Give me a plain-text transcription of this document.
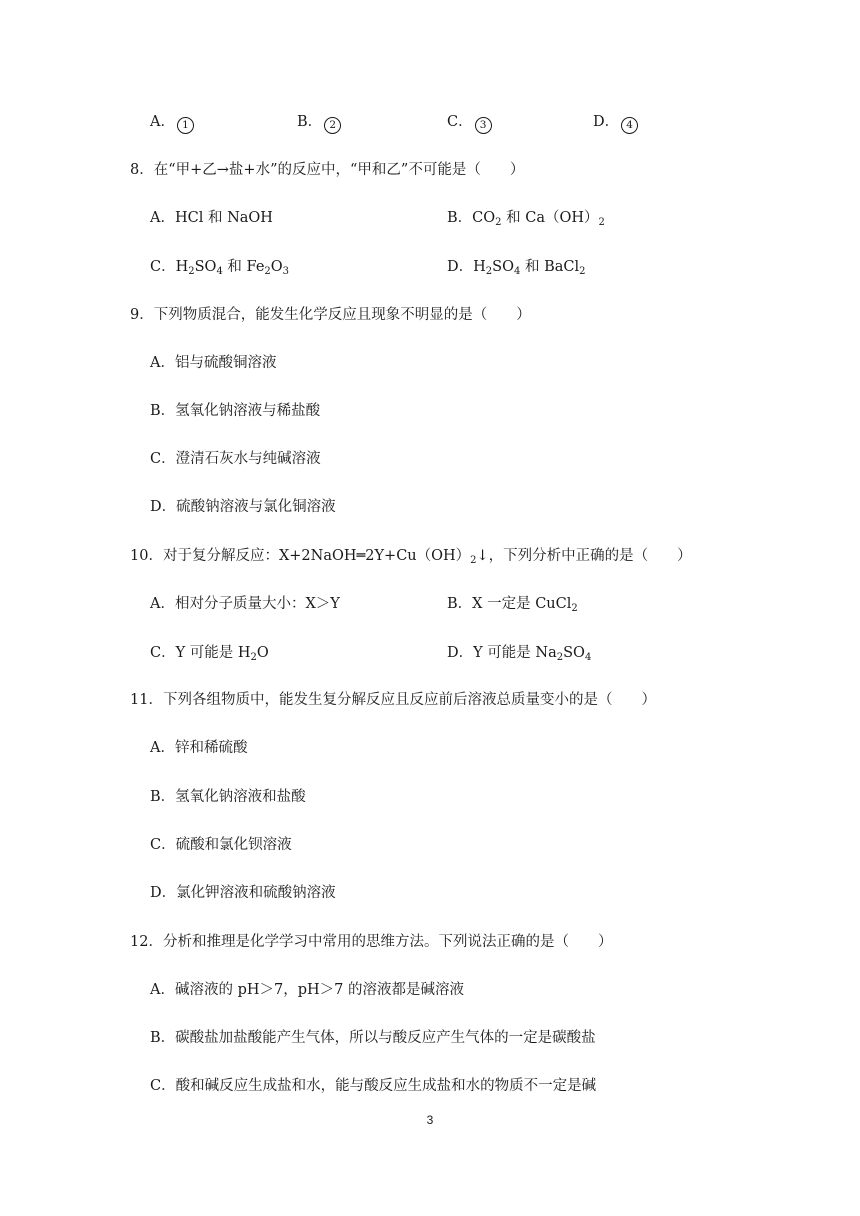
A． 1	B． 2	C． 3	D． 4
8．在“甲+乙→盐+水”的反应中，“甲和乙”不可能是（　　）
A．HCl 和 NaOH	B．$CO_2$ 和 $Ca(OH)_2$
C．$H_2SO_4$ 和 $Fe_2O_3$	D．$H_2SO_4$ 和 BaCl$_2$
9．下列物质混合，能发生化学反应且现象不明显的是（　　）
A．铝与硫酸铜溶液
B．氢氧化钠溶液与稀盐酸
C．澄清石灰水与纯碱溶液
D．硫酸钠溶液与氯化铜溶液
10．对于复分解反应：$X+2NaOH═2Y+Cu(OH)_2↓$，下列分析中正确的是（　　）
A．相对分子质量大小：X＞Y	B．X 一定是 CuCl$_2$
C．Y 可能是 $H_2O$	D．Y 可能是 $Na_2SO_4$
11．下列各组物质中，能发生复分解反应且反应前后溶液总质量变小的是（　　）
A．锌和稀硫酸
B．氢氧化钠溶液和盐酸
C．硫酸和氯化钡溶液
D．氯化钾溶液和硫酸钠溶液
12．分析和推理是化学学习中常用的思维方法。下列说法正确的是（　　）
A．碱溶液的 pH＞7，pH＞7 的溶液都是碱溶液
B．碳酸盐加盐酸能产生气体，所以与酸反应产生气体的一定是碳酸盐
C．酸和碱反应生成盐和水，能与酸反应生成盐和水的物质不一定是碱
3
